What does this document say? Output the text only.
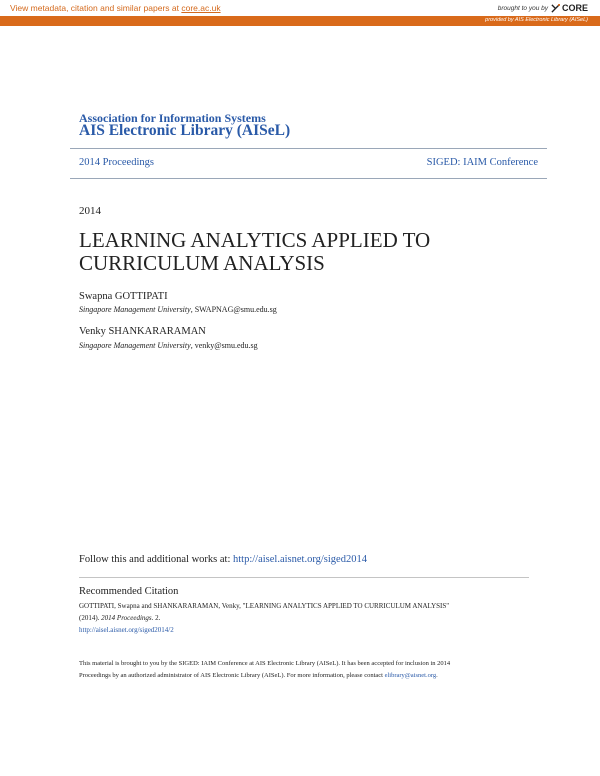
View metadata, citation and similar papers at core.ac.uk	brought to you by CORE
provided by AIS Electronic Library (AISeL)
Association for Information Systems
AIS Electronic Library (AISeL)
2014 Proceedings	SIGED: IAIM Conference
2014
LEARNING ANALYTICS APPLIED TO CURRICULUM ANALYSIS
Swapna GOTTIPATI
Singapore Management University, SWAPNAG@smu.edu.sg
Venky SHANKARARAMAN
Singapore Management University, venky@smu.edu.sg
Follow this and additional works at: http://aisel.aisnet.org/siged2014
Recommended Citation
GOTTIPATI, Swapna and SHANKARARAMAN, Venky, "LEARNING ANALYTICS APPLIED TO CURRICULUM ANALYSIS"
(2014). 2014 Proceedings. 2.
http://aisel.aisnet.org/siged2014/2
This material is brought to you by the SIGED: IAIM Conference at AIS Electronic Library (AISeL). It has been accepted for inclusion in 2014
Proceedings by an authorized administrator of AIS Electronic Library (AISeL). For more information, please contact elibrary@aisnet.org.
